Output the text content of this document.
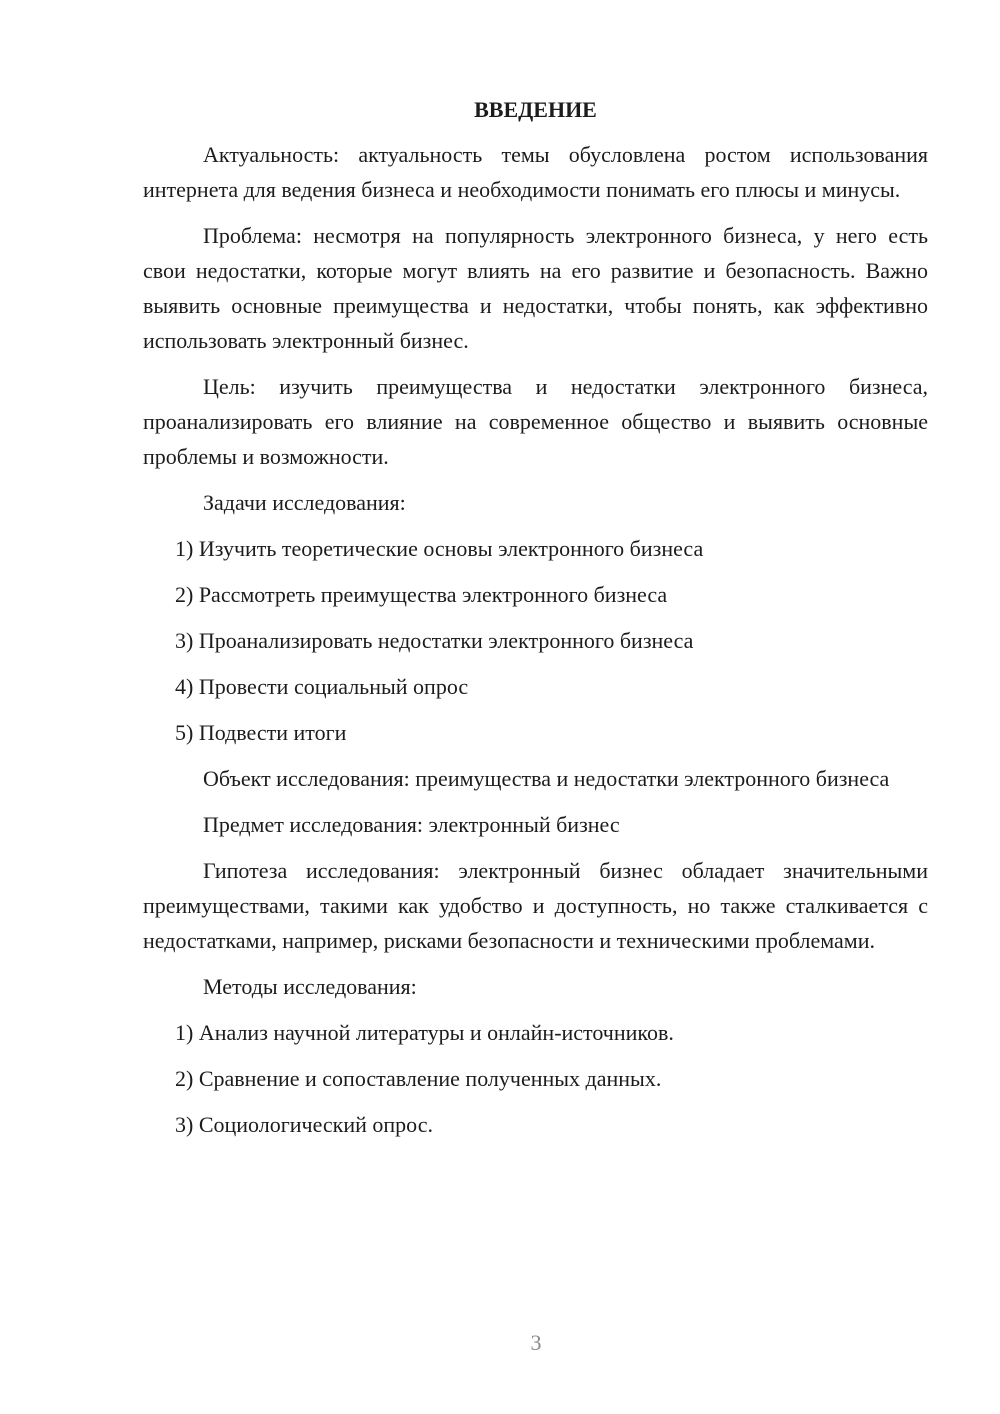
ВВЕДЕНИЕ

Актуальность: актуальность темы обусловлена ростом использования интернета для ведения бизнеса и необходимости понимать его плюсы и минусы.

Проблема: несмотря на популярность электронного бизнеса, у него есть свои недостатки, которые могут влиять на его развитие и безопасность. Важно выявить основные преимущества и недостатки, чтобы понять, как эффективно использовать электронный бизнес.

Цель: изучить преимущества и недостатки электронного бизнеса, проанализировать его влияние на современное общество и выявить основные проблемы и возможности.

Задачи исследования:

1) Изучить теоретические основы электронного бизнеса

2) Рассмотреть преимущества электронного бизнеса

3) Проанализировать недостатки электронного бизнеса

4) Провести социальный опрос

5) Подвести итоги

Объект исследования: преимущества и недостатки электронного бизнеса

Предмет исследования: электронный бизнес

Гипотеза исследования: электронный бизнес обладает значительными преимуществами, такими как удобство и доступность, но также сталкивается с недостатками, например, рисками безопасности и техническими проблемами.

Методы исследования:

1) Анализ научной литературы и онлайн-источников.

2) Сравнение и сопоставление полученных данных.

3) Социологический опрос.

3
